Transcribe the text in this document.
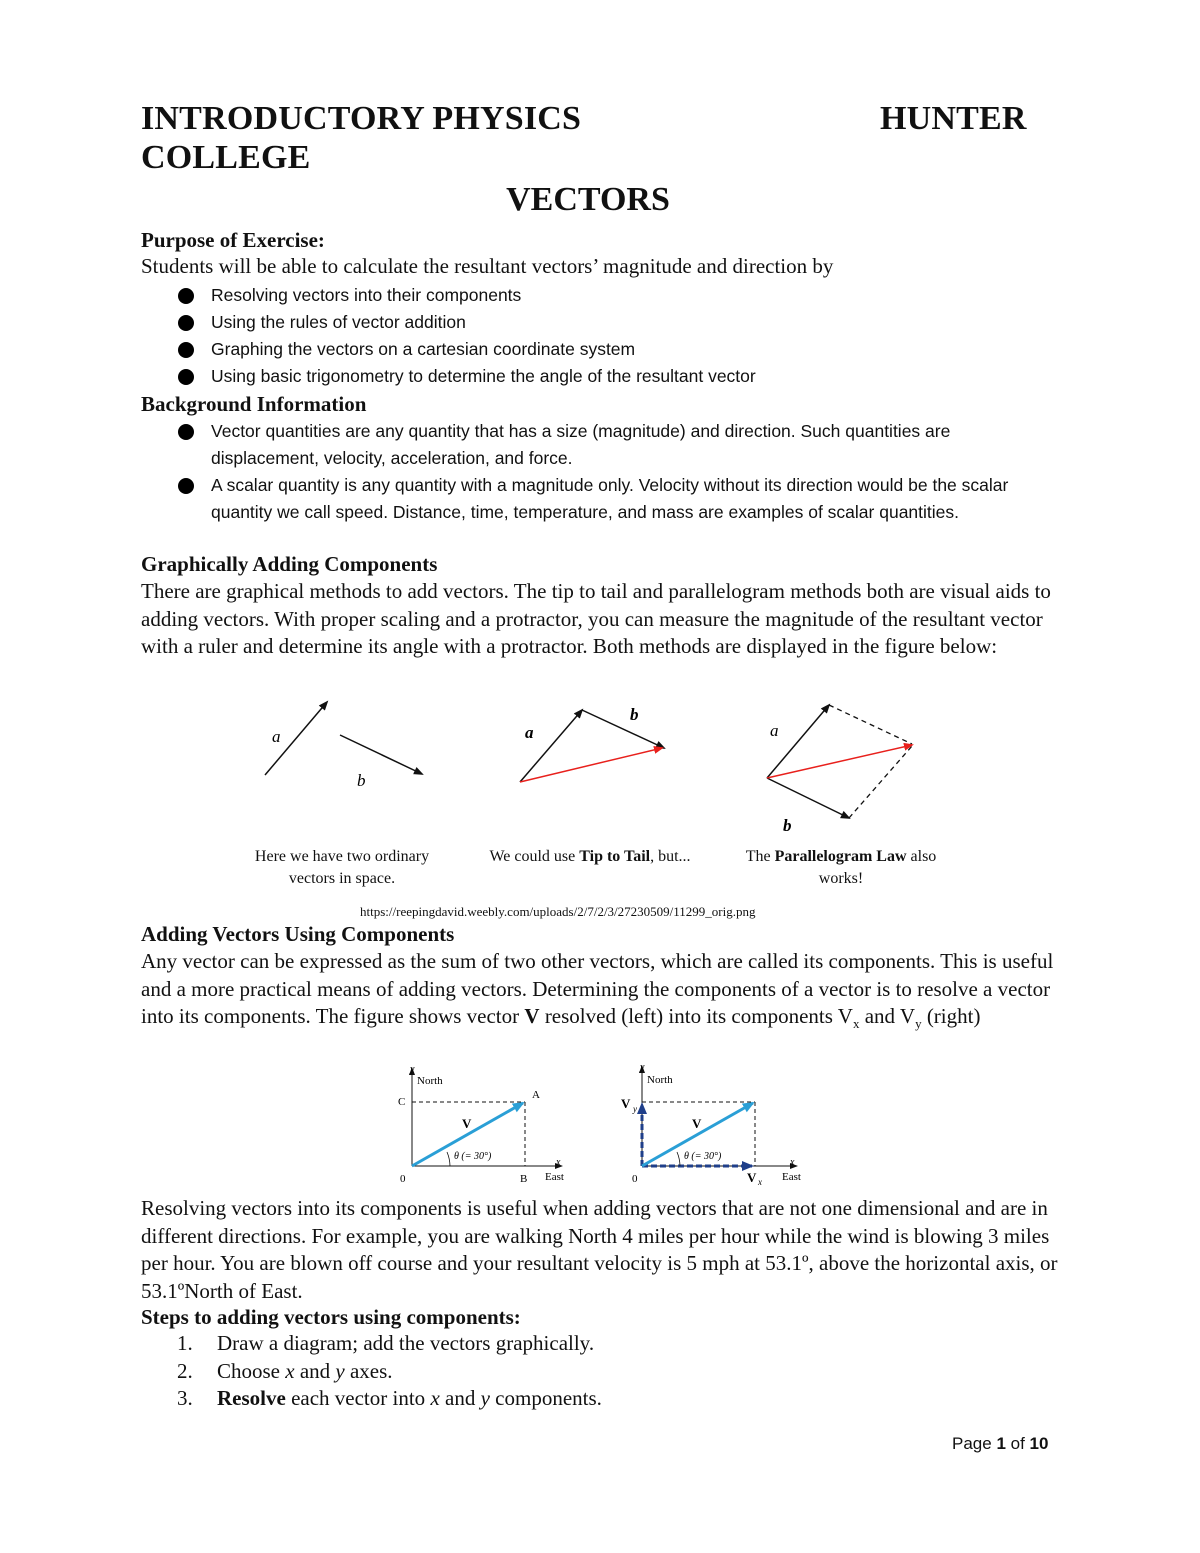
INTRODUCTORY PHYSICS	HUNTER
COLLEGE
VECTORS
Purpose of Exercise:
Students will be able to calculate the resultant vectors’ magnitude and direction by
Resolving vectors into their components
Using the rules of vector addition
Graphing the vectors on a cartesian coordinate system
Using basic trigonometry to determine the angle of the resultant vector
Background Information
Vector quantities are any quantity that has a size (magnitude) and direction. Such quantities are displacement, velocity, acceleration, and force.
A scalar quantity is any quantity with a magnitude only. Velocity without its direction would be the scalar quantity we call speed. Distance, time, temperature, and mass are examples of scalar quantities.
Graphically Adding Components
There are graphical methods to add vectors. The tip to tail and parallelogram methods both are visual aids to adding vectors. With proper scaling and a protractor, you can measure the magnitude of the resultant vector with a ruler and determine its angle with a protractor. Both methods are displayed in the figure below:
a
b
a
b
a
b
Here we have two ordinary vectors in space.
We could use Tip to Tail, but...	The Parallelogram Law also works!
https://reepingdavid.weebly.com/uploads/2/7/2/3/27230509/11299_orig.png
Adding Vectors Using Components
Any vector can be expressed as the sum of two other vectors, which are called its components. This is useful and a more practical means of adding vectors. Determining the components of a vector is to resolve a vector into its components. The figure shows vector V resolved (left) into its components $V_x$ and $V_y$ (right)
y
North
x
East
C
A
B
0
V
θ (= 30°)
y
North
x
East
0
V
V y
V x
θ (= 30°)
Resolving vectors into its components is useful when adding vectors that are not one dimensional and are in different directions. For example, you are walking North 4 miles per hour while the wind is blowing 3 miles per hour. You are blown off course and your resultant velocity is 5 mph at 53.1º, above the horizontal axis, or 53.1ºNorth of East.
Steps to adding vectors using components:
1. Draw a diagram; add the vectors graphically.
2. Choose x and y axes.
3. Resolve each vector into x and y components.
Page 1 of 10
